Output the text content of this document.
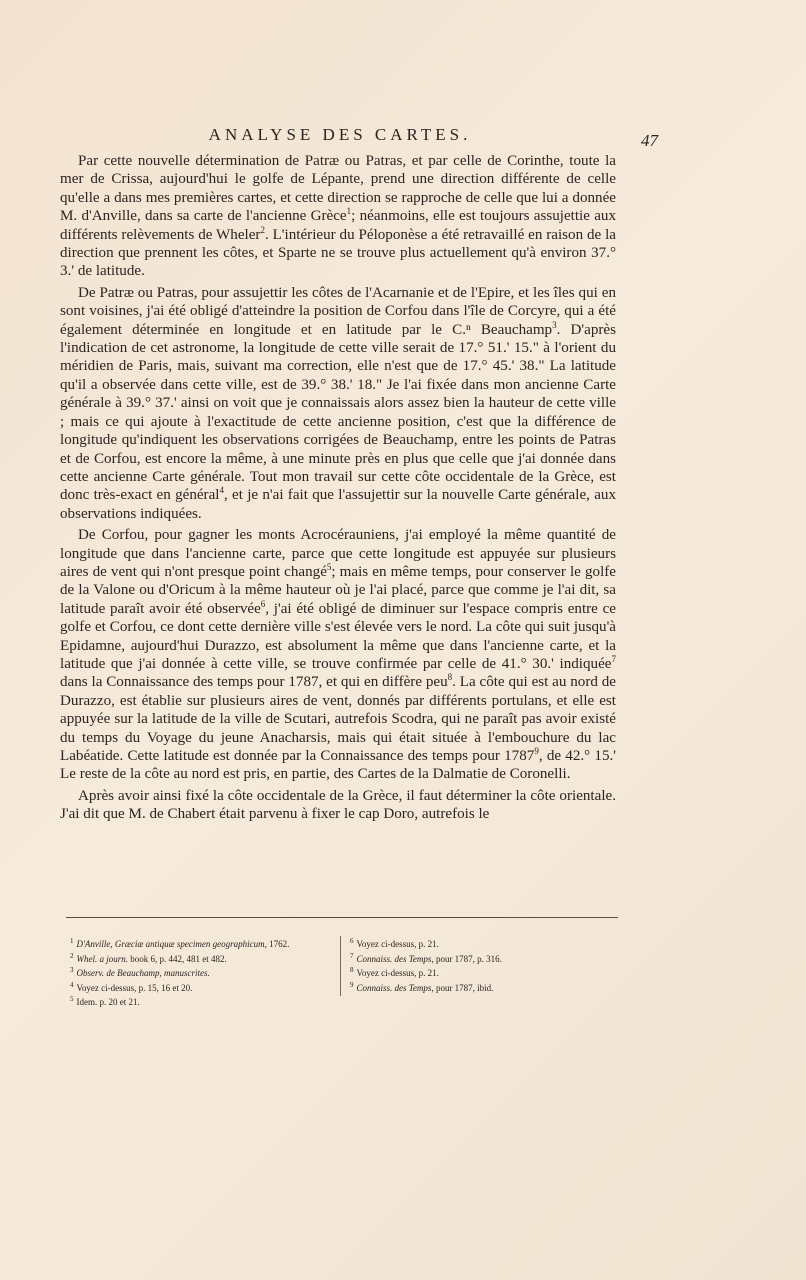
ANALYSE DES CARTES.	47

Par cette nouvelle détermination de Patræ ou Patras, et par celle de Corinthe, toute la mer de Crissa, aujourd'hui le golfe de Lépante, prend une direction différente de celle qu'elle a dans mes premières cartes, et cette direction se rapproche de celle que lui a donnée M. d'Anville, dans sa carte de l'ancienne Grèce$^1$; néanmoins, elle est toujours assujettie aux différents relèvements de Wheler$^2$. L'intérieur du Péloponèse a été retravaillé en raison de la direction que prennent les côtes, et Sparte ne se trouve plus actuellement qu'à environ 37.° 3.' de latitude.

De Patræ ou Patras, pour assujettir les côtes de l'Acarnanie et de l'Epire, et les îles qui en sont voisines, j'ai été obligé d'atteindre la position de Corfou dans l'île de Corcyre, qui a été également déterminée en longitude et en latitude par le C.ⁿ Beauchamp$^3$. D'après l'indication de cet astronome, la longitude de cette ville serait de 17.° 51.' 15." à l'orient du méridien de Paris, mais, suivant ma correction, elle n'est que de 17.° 45.' 38." La latitude qu'il a observée dans cette ville, est de 39.° 38.' 18." Je l'ai fixée dans mon ancienne Carte générale à 39.° 37.' ainsi on voit que je connaissais alors assez bien la hauteur de cette ville ; mais ce qui ajoute à l'exactitude de cette ancienne position, c'est que la différence de longitude qu'indiquent les observations corrigées de Beauchamp, entre les points de Patras et de Corfou, est encore la même, à une minute près en plus que celle que j'ai donnée dans cette ancienne Carte générale. Tout mon travail sur cette côte occidentale de la Grèce, est donc très-exact en général$^4$, et je n'ai fait que l'assujettir sur la nouvelle Carte générale, aux observations indiquées.

De Corfou, pour gagner les monts Acrocérauniens, j'ai employé la même quantité de longitude que dans l'ancienne carte, parce que cette longitude est appuyée sur plusieurs aires de vent qui n'ont presque point changé$^5$; mais en même temps, pour conserver le golfe de la Valone ou d'Oricum à la même hauteur où je l'ai placé, parce que comme je l'ai dit, sa latitude paraît avoir été observée$^6$, j'ai été obligé de diminuer sur l'espace compris entre ce golfe et Corfou, ce dont cette dernière ville s'est élevée vers le nord. La côte qui suit jusqu'à Epidamne, aujourd'hui Durazzo, est absolument la même que dans l'ancienne carte, et la latitude que j'ai donnée à cette ville, se trouve confirmée par celle de 41.° 30.' indiquée$^7$ dans la Connaissance des temps pour 1787, et qui en diffère peu$^8$. La côte qui est au nord de Durazzo, est établie sur plusieurs aires de vent, donnés par différents portulans, et elle est appuyée sur la latitude de la ville de Scutari, autrefois Scodra, qui ne paraît pas avoir existé du temps du Voyage du jeune Anacharsis, mais qui était située à l'embouchure du lac Labéatide. Cette latitude est donnée par la Connaissance des temps pour 1787$^9$, de 42.° 15.' Le reste de la côte au nord est pris, en partie, des Cartes de la Dalmatie de Coronelli.

Après avoir ainsi fixé la côte occidentale de la Grèce, il faut déterminer la côte orientale. J'ai dit que M. de Chabert était parvenu à fixer le cap Doro, autrefois le

$^1$ D'Anville, Græciæ antiquæ specimen geographicum, 1762.
$^2$ Whel. a journ. book 6, p. 442, 481 et 482.
$^3$ Observ. de Beauchamp, manuscrites.
$^4$ Voyez ci-dessus, p. 15, 16 et 20.
$^5$ Idem. p. 20 et 21.
$^6$ Voyez ci-dessus, p. 21.
$^7$ Connaiss. des Temps, pour 1787, p. 316.
$^8$ Voyez ci-dessus, p. 21.
$^9$ Connaiss. des Temps, pour 1787, ibid.
